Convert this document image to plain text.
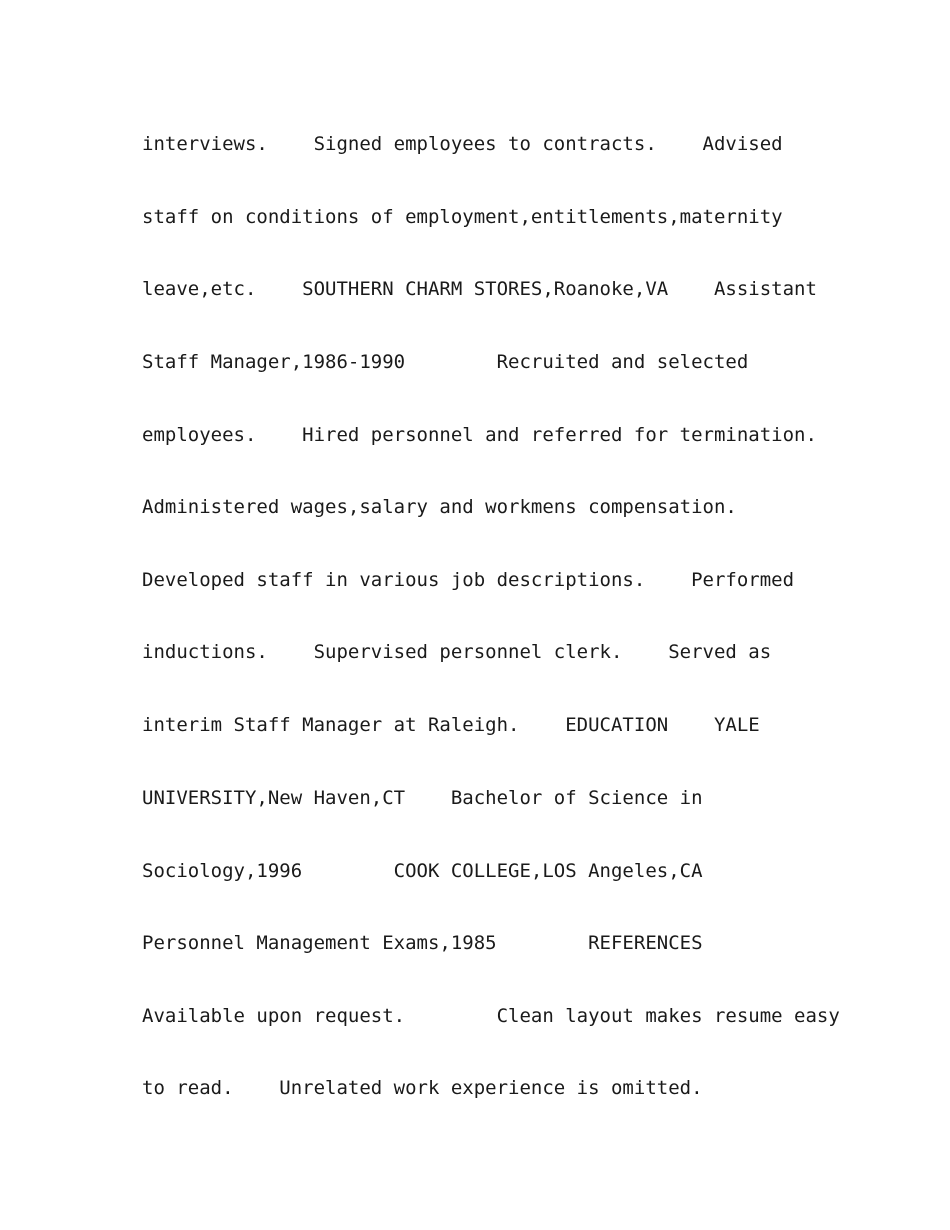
interviews.    Signed employees to contracts.    Advised
staff on conditions of employment,entitlements,maternity
leave,etc.    SOUTHERN CHARM STORES,Roanoke,VA    Assistant
Staff Manager,1986-1990        Recruited and selected
employees.    Hired personnel and referred for termination.
Administered wages,salary and workmens compensation.
Developed staff in various job descriptions.    Performed
inductions.    Supervised personnel clerk.    Served as
interim Staff Manager at Raleigh.    EDUCATION    YALE
UNIVERSITY,New Haven,CT    Bachelor of Science in
Sociology,1996        COOK COLLEGE,LOS Angeles,CA
Personnel Management Exams,1985        REFERENCES
Available upon request.        Clean layout makes resume easy
to read.    Unrelated work experience is omitted.
